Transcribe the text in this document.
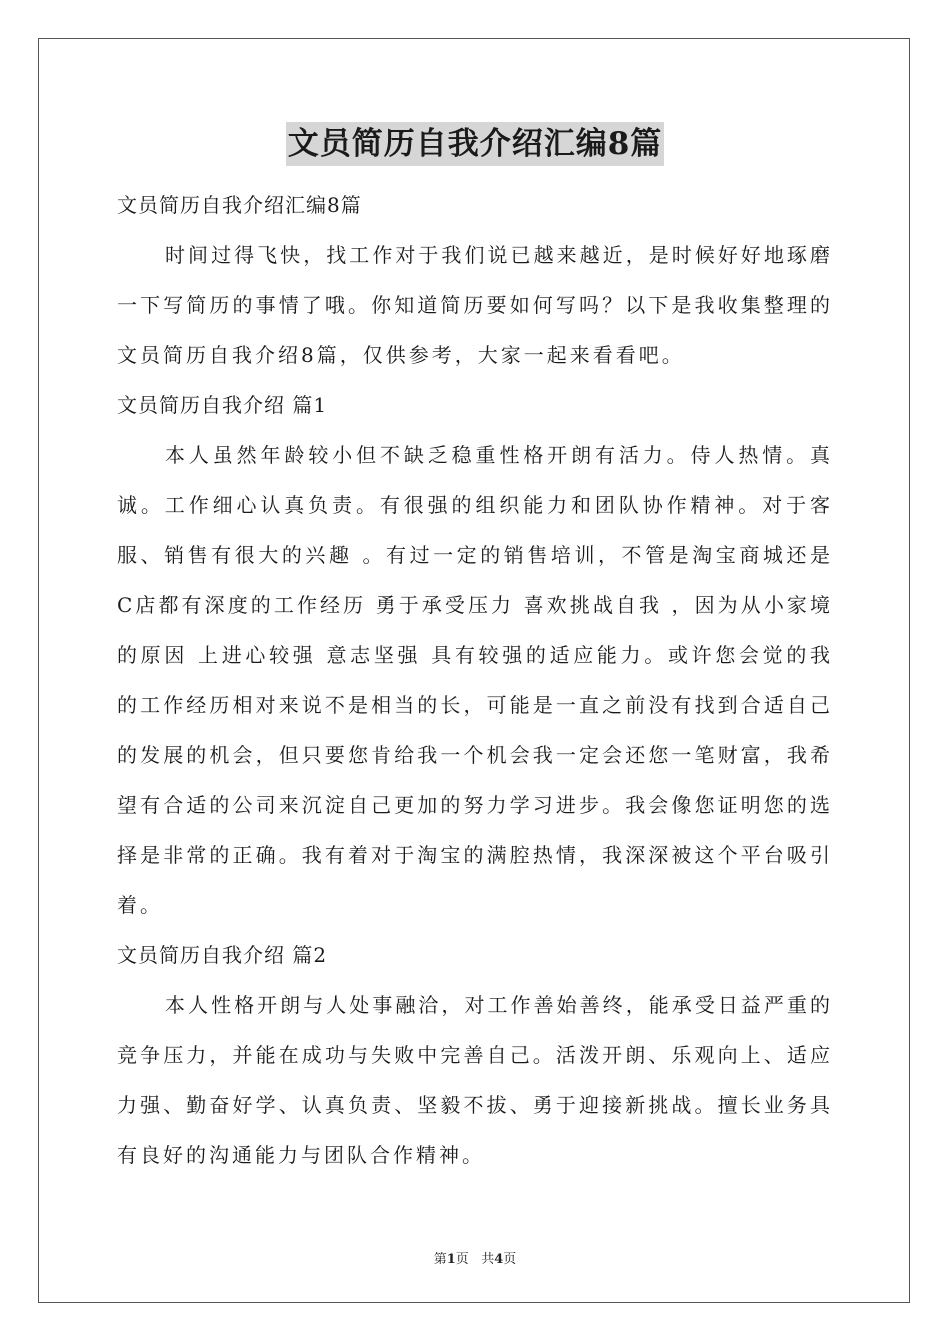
文员简历自我介绍汇编8篇

文员简历自我介绍汇编8篇

时间过得飞快，找工作对于我们说已越来越近，是时候好好地琢磨一下写简历的事情了哦。你知道简历要如何写吗？以下是我收集整理的文员简历自我介绍8篇，仅供参考，大家一起来看看吧。

文员简历自我介绍 篇1

本人虽然年龄较小但不缺乏稳重性格开朗有活力。侍人热情。真诚。工作细心认真负责。有很强的组织能力和团队协作精神。对于客服、销售有很大的兴趣 。有过一定的销售培训，不管是淘宝商城还是C店都有深度的工作经历 勇于承受压力 喜欢挑战自我 ，因为从小家境的原因 上进心较强 意志坚强 具有较强的适应能力。或许您会觉的我的工作经历相对来说不是相当的长，可能是一直之前没有找到合适自己的发展的机会，但只要您肯给我一个机会我一定会还您一笔财富，我希望有合适的公司来沉淀自己更加的努力学习进步。我会像您证明您的选择是非常的正确。我有着对于淘宝的满腔热情，我深深被这个平台吸引着。

文员简历自我介绍 篇2

本人性格开朗与人处事融洽，对工作善始善终，能承受日益严重的竞争压力，并能在成功与失败中完善自己。活泼开朗、乐观向上、适应力强、勤奋好学、认真负责、坚毅不拔、勇于迎接新挑战。擅长业务具有良好的沟通能力与团队合作精神。

第1页   共4页
